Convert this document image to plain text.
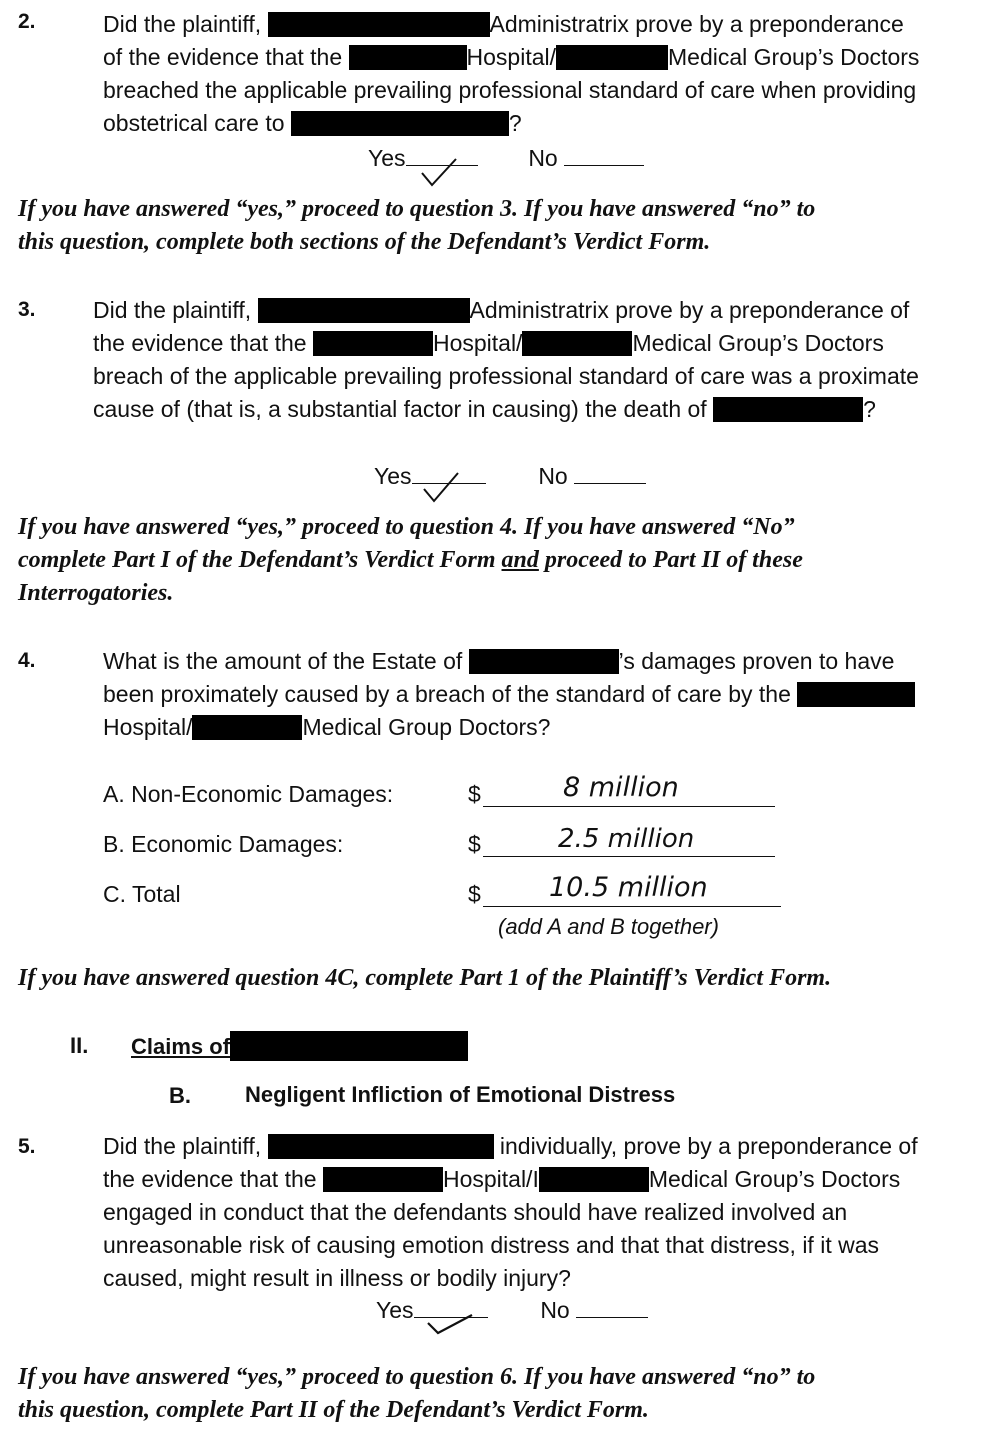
2.	Did the plaintiff,	Administratrix prove by a preponderance
of the evidence that the	Hospital/	Medical Group’s Doctors
breached the applicable prevailing professional standard of care when providing
obstetrical care to	?
Yes	No
If you have answered “yes,” proceed to question 3. If you have answered “no” to
this question, complete both sections of the Defendant’s Verdict Form.
3. Did the plaintiff,	Administratrix prove by a preponderance of
the evidence that the	Hospital/	Medical Group’s Doctors
breach of the applicable prevailing professional standard of care was a proximate
cause of (that is, a substantial factor in causing) the death of	?
Yes	No
If you have answered “yes,” proceed to question 4. If you have answered “No”
complete Part I of the Defendant’s Verdict Form and proceed to Part II of these
Interrogatories.
4.	What is the amount of the Estate of	’s damages proven to have
been proximately caused by a breach of the standard of care by the
Hospital/	Medical Group Doctors?
A. Non-Economic Damages:	$	8 million
B. Economic Damages:	$	2.5 million
C. Total	$	10.5 million
(add A and B together)
If you have answered question 4C, complete Part 1 of the Plaintiff’s Verdict Form.
II. Claims of
B. Negligent Infliction of Emotional Distress
5.	Did the plaintiff,	individually, prove by a preponderance of
the evidence that the	Hospital/I	Medical Group’s Doctors
engaged in conduct that the defendants should have realized involved an
unreasonable risk of causing emotion distress and that that distress, if it was
caused, might result in illness or bodily injury?
Yes	No
If you have answered “yes,” proceed to question 6. If you have answered “no” to
this question, complete Part II of the Defendant’s Verdict Form.
